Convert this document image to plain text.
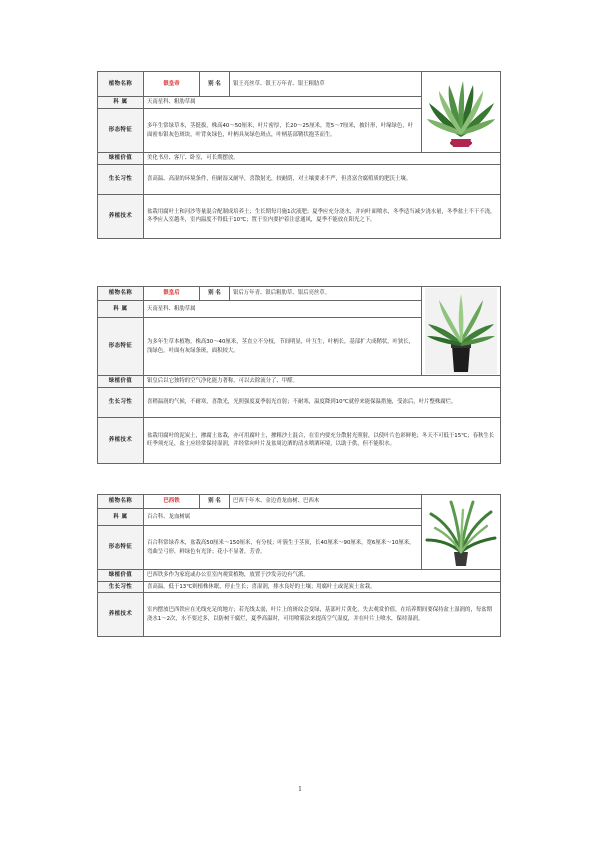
植物名称	银皇帝	别 名	银王亮丝草、银王万年青、银王粗肋草	

科 属	天南星科、粗肋草属			
形态特征	多年生常绿草本，茎挺拔，株高40～50厘米，叶片密厚，长20～25厘米，宽5～7厘米，披针形，叶缘绿色，叶面密布银灰色斑块，叶背灰绿色，叶柄具灰绿色斑点，叶柄基部鞘状抱茎而生。			
绿植价值	美化书房、客厅、卧室，可长期摆放。			
生长习性	喜高温、高湿的环境条件，但耐湿又耐旱，喜散射光，较耐荫，对土壤要求不严，但喜富含腐殖质的肥沃土壤。			
养植技术	盆栽用腐叶土和河沙等量混合配制成培养土；生长期每月施1次液肥；夏季应充分浇水，并向叶面喷水，冬季适当减少浇水量，冬季盆土不干不浇，冬季应入室越冬，室内温度不得低于10℃；置于室内要护着注意通风，夏季不能放在阳光之下。			
植物名称	银皇后	别 名	银后万年青、银后粗肋草、银后亮丝草。	

科 属	天南星科、粗肋草属			
形态特征	为多年生草本植物，株高30～40厘米，茎直立不分枝，节间明显，叶互生，叶柄长，基部扩大成鞘状，叶狭长，浅绿色，叶面有灰绿条斑，面积较大。			
绿植价值	银皇后以它独特的空气净化能力著称，可以去除流分了、甲醛。			
生长习性	喜稍温润的气候，不耐寒，喜散光，光照强度夏季弱光直射；不耐寒，温度降到10℃就停来能保温措施，受冻后，叶片整株腐烂。			
养植技术	盆栽用腐叶的泥炭土，掺腐土盆栽，亦可用腐叶土，掺粗沙土混合，在室内要充分散射光照射，以使叶片色彩鲜艳；冬天不可低于15℃；春秋生长旺季须充足，盆土应经常保持湿润，并经常向叶片及盆周边洒的清水喷洒环境，以助于供，但不能积水。			
植物名称	巴西铁	别 名	巴西千年木、金边香龙血树、巴西木	

科 属	百合科、龙血树属			
形态特征	百合科常绿乔木，盆栽高50厘米～150厘米，有分枝；叶簇生于茎顶，长40厘米～90厘米，宽6厘米～10厘米，弯曲呈弓形，鲜绿色有光泽；花小不显著，芳香。			
绿植价值	巴西铁多作为家庭或办公室室内观赏植物，放置于沙发旁边有气派。			
生长习性	喜高温，低于13℃则植株休眠，停止生长；喜湿润，排水良好的土壤；用腐叶土或泥炭土盆栽。			
养植技术	室内摆放巴西铁应在光线充足的地方；若光线太弱，叶片上的斑纹会变绿，基部叶片黄化，失去观赏价值。在培养期间要保持盆土湿润的，每盆期浇水1～2次，水不要过多，以防树干腐烂，夏季高温时，可用喷雾法来提高空气湿度，并在叶片上喷水，保持湿润。			
1
